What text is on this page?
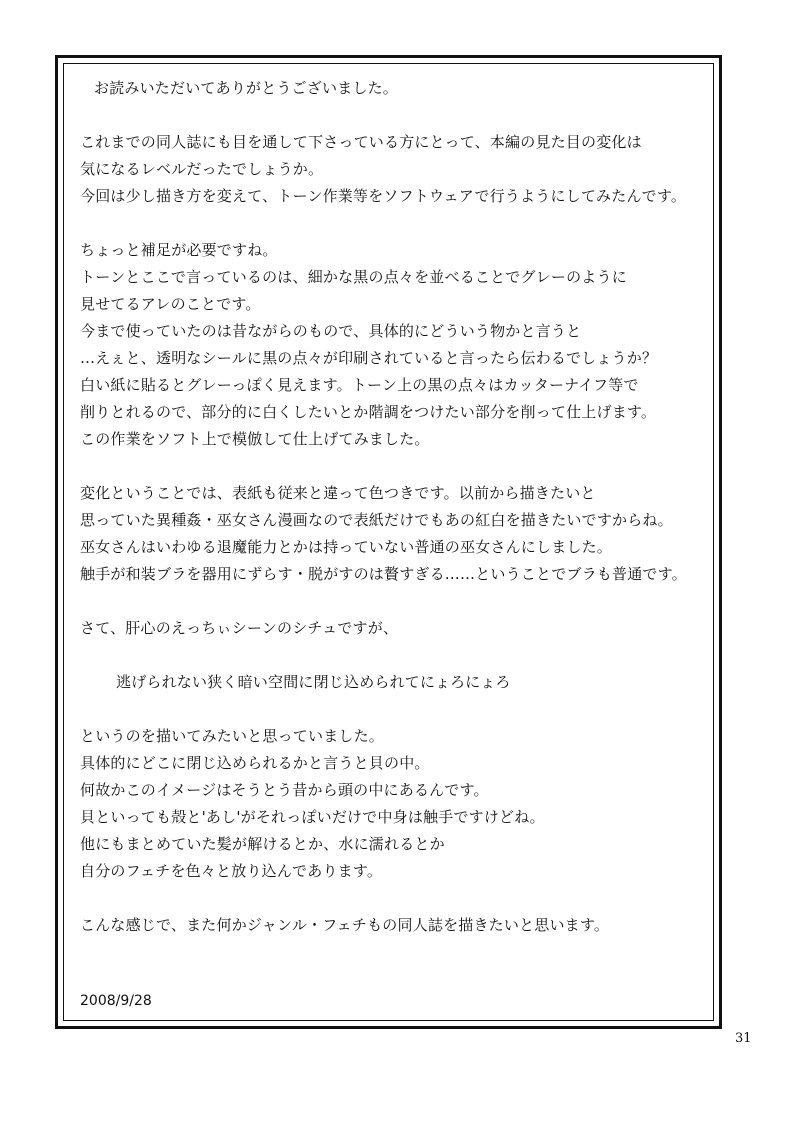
お読みいただいてありがとうございました。
これまでの同人誌にも目を通して下さっている方にとって、本編の見た目の変化は
気になるレベルだったでしょうか。
今回は少し描き方を変えて、トーン作業等をソフトウェアで行うようにしてみたんです。
ちょっと補足が必要ですね。
トーンとここで言っているのは、細かな黒の点々を並べることでグレーのように
見せてるアレのことです。
今まで使っていたのは昔ながらのもので、具体的にどういう物かと言うと
…えぇと、透明なシールに黒の点々が印刷されていると言ったら伝わるでしょうか？
白い紙に貼るとグレーっぽく見えます。トーン上の黒の点々はカッターナイフ等で
削りとれるので、部分的に白くしたいとか階調をつけたい部分を削って仕上げます。
この作業をソフト上で模倣して仕上げてみました。
変化ということでは、表紙も従来と違って色つきです。以前から描きたいと
思っていた異種姦・巫女さん漫画なので表紙だけでもあの紅白を描きたいですからね。
巫女さんはいわゆる退魔能力とかは持っていない普通の巫女さんにしました。
触手が和装ブラを器用にずらす・脱がすのは贅すぎる……ということでブラも普通です。
さて、肝心のえっちぃシーンのシチュですが、
逃げられない狭く暗い空間に閉じ込められてにょろにょろ
というのを描いてみたいと思っていました。
具体的にどこに閉じ込められるかと言うと貝の中。
何故かこのイメージはそうとう昔から頭の中にあるんです。
貝といっても殻と'あし'がそれっぽいだけで中身は触手ですけどね。
他にもまとめていた髪が解けるとか、水に濡れるとか
自分のフェチを色々と放り込んであります。
こんな感じで、また何かジャンル・フェチもの同人誌を描きたいと思います。
2008/9/28
31
